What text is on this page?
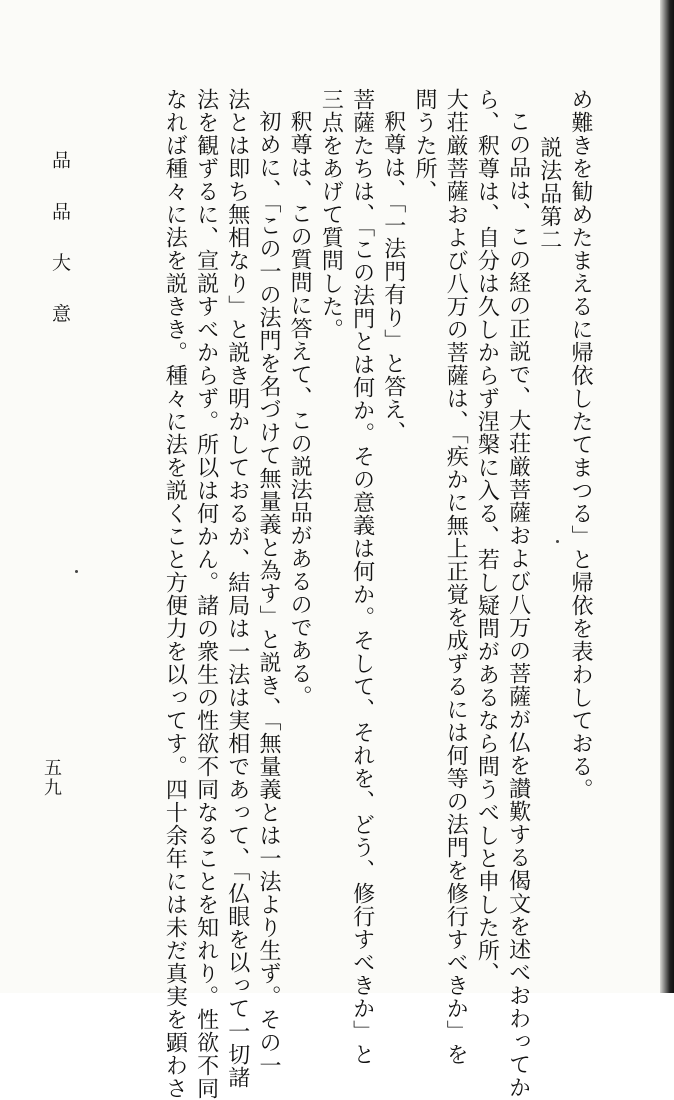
め難きを勧めたまえるに帰依したてまつる」と帰依を表わしておる。
説法品第二
この品は、この経の正説で、大荘厳菩薩および八万の菩薩が仏を讃歎する偈文を述べおわってか
ら、釈尊は、自分は久しからず涅槃に入る、若し疑問があるなら問うべしと申した所、
大荘厳菩薩および八万の菩薩は、「疾かに無上正覚を成ずるには何等の法門を修行すべきか」を
問うた所、
釈尊は、「一法門有り」と答え、
菩薩たちは、「この法門とは何か。その意義は何か。そして、それを、どう、修行すべきか」と
三点をあげて質問した。
釈尊は、この質問に答えて、この説法品があるのである。
初めに、「この一の法門を名づけて無量義と為す」と説き、「無量義とは一法より生ず。その一
法とは即ち無相なり」と説き明かしておるが、結局は一法は実相であって、「仏眼を以って一切諸
法を観ずるに、宣説すべからず。所以は何かん。諸の衆生の性欲不同なることを知れり。性欲不同
なれば種々に法を説きき。種々に法を説くこと方便力を以ってす。四十余年には未だ真実を顕わさ
品 品 大 意
五九
